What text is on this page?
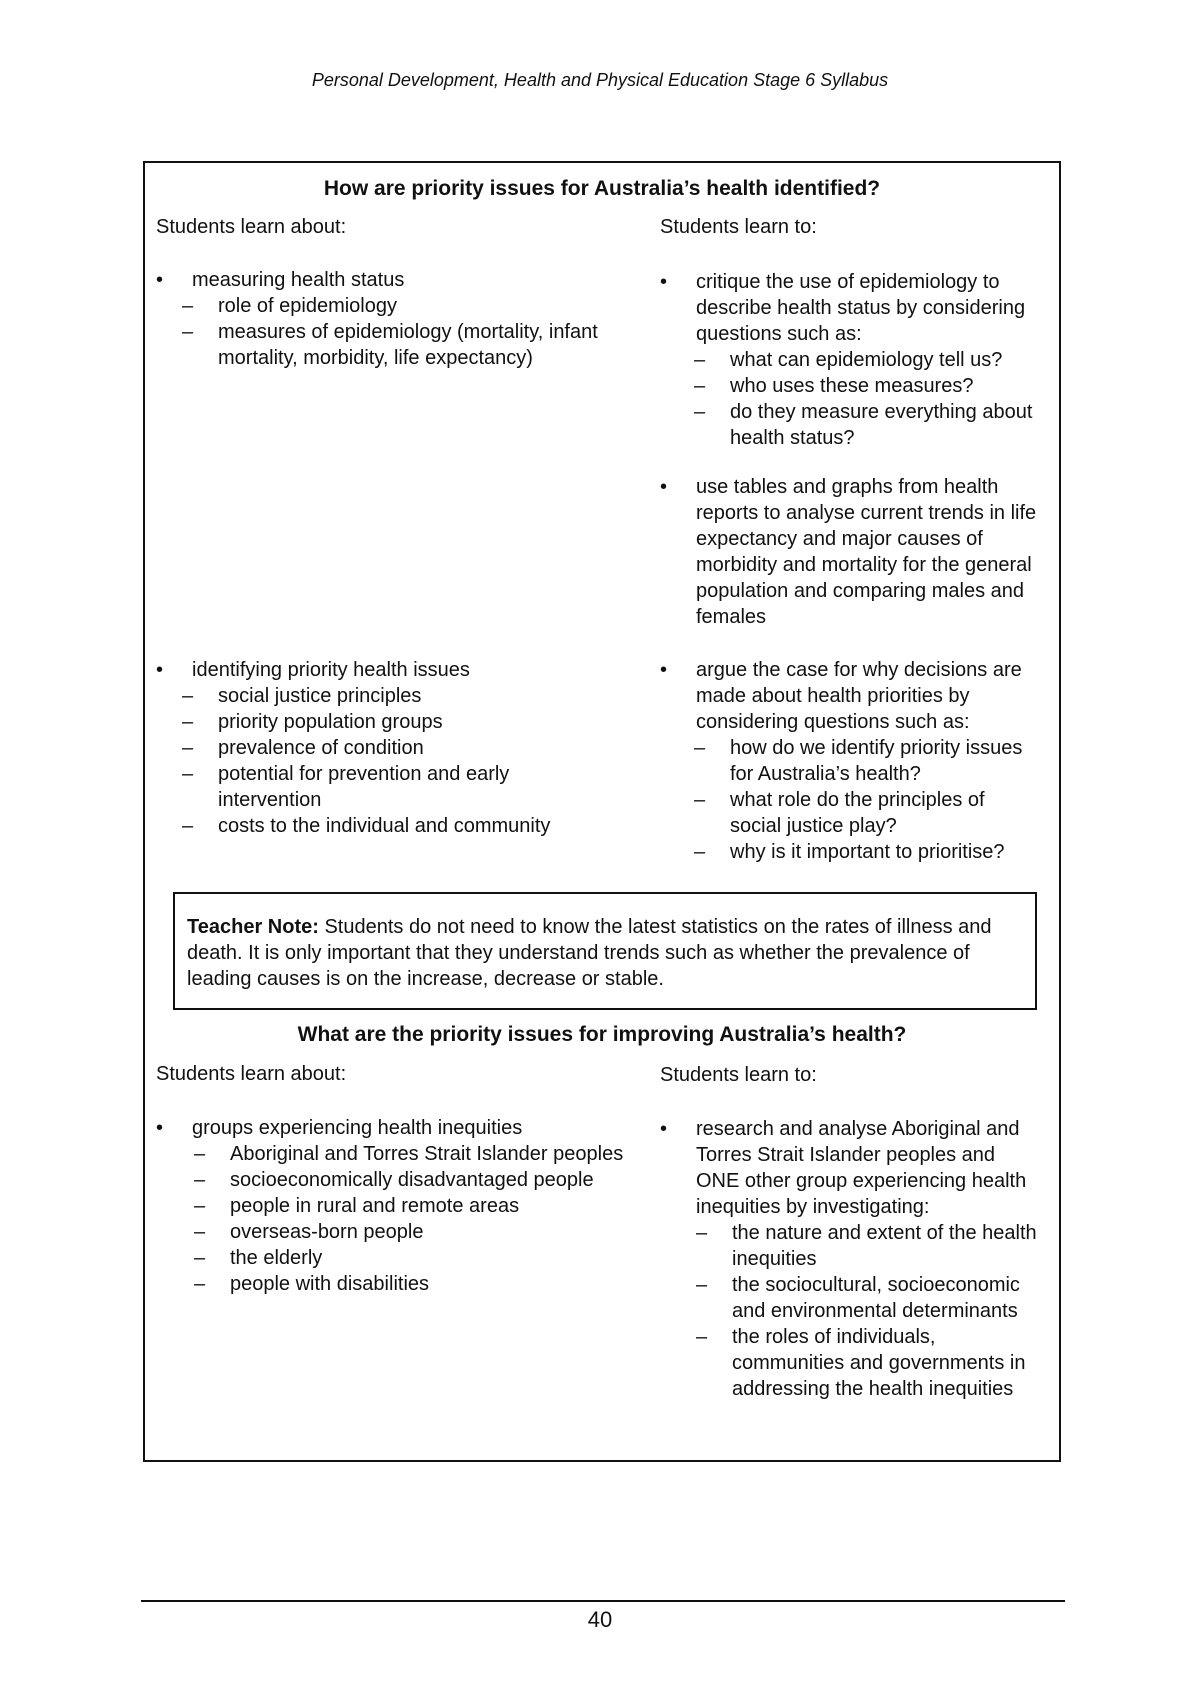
Personal Development, Health and Physical Education Stage 6 Syllabus
How are priority issues for Australia’s health identified?

Students learn about:	Students learn to:

• measuring health status
– role of epidemiology
– measures of epidemiology (mortality, infant mortality, morbidity, life expectancy)
• critique the use of epidemiology to describe health status by considering questions such as:
– what can epidemiology tell us?
– who uses these measures?
– do they measure everything about health status?
• use tables and graphs from health reports to analyse current trends in life expectancy and major causes of morbidity and mortality for the general population and comparing males and females
• identifying priority health issues
– social justice principles
– priority population groups
– prevalence of condition
– potential for prevention and early intervention
– costs to the individual and community
• argue the case for why decisions are made about health priorities by considering questions such as:
– how do we identify priority issues for Australia’s health?
– what role do the principles of social justice play?
– why is it important to prioritise?
Teacher Note: Students do not need to know the latest statistics on the rates of illness and death. It is only important that they understand trends such as whether the prevalence of leading causes is on the increase, decrease or stable.
What are the priority issues for improving Australia’s health?

Students learn about:	Students learn to:

• groups experiencing health inequities
– Aboriginal and Torres Strait Islander peoples
– socioeconomically disadvantaged people
– people in rural and remote areas
– overseas-born people
– the elderly
– people with disabilities
• research and analyse Aboriginal and Torres Strait Islander peoples and ONE other group experiencing health inequities by investigating:
– the nature and extent of the health inequities
– the sociocultural, socioeconomic and environmental determinants
– the roles of individuals, communities and governments in addressing the health inequities
40
